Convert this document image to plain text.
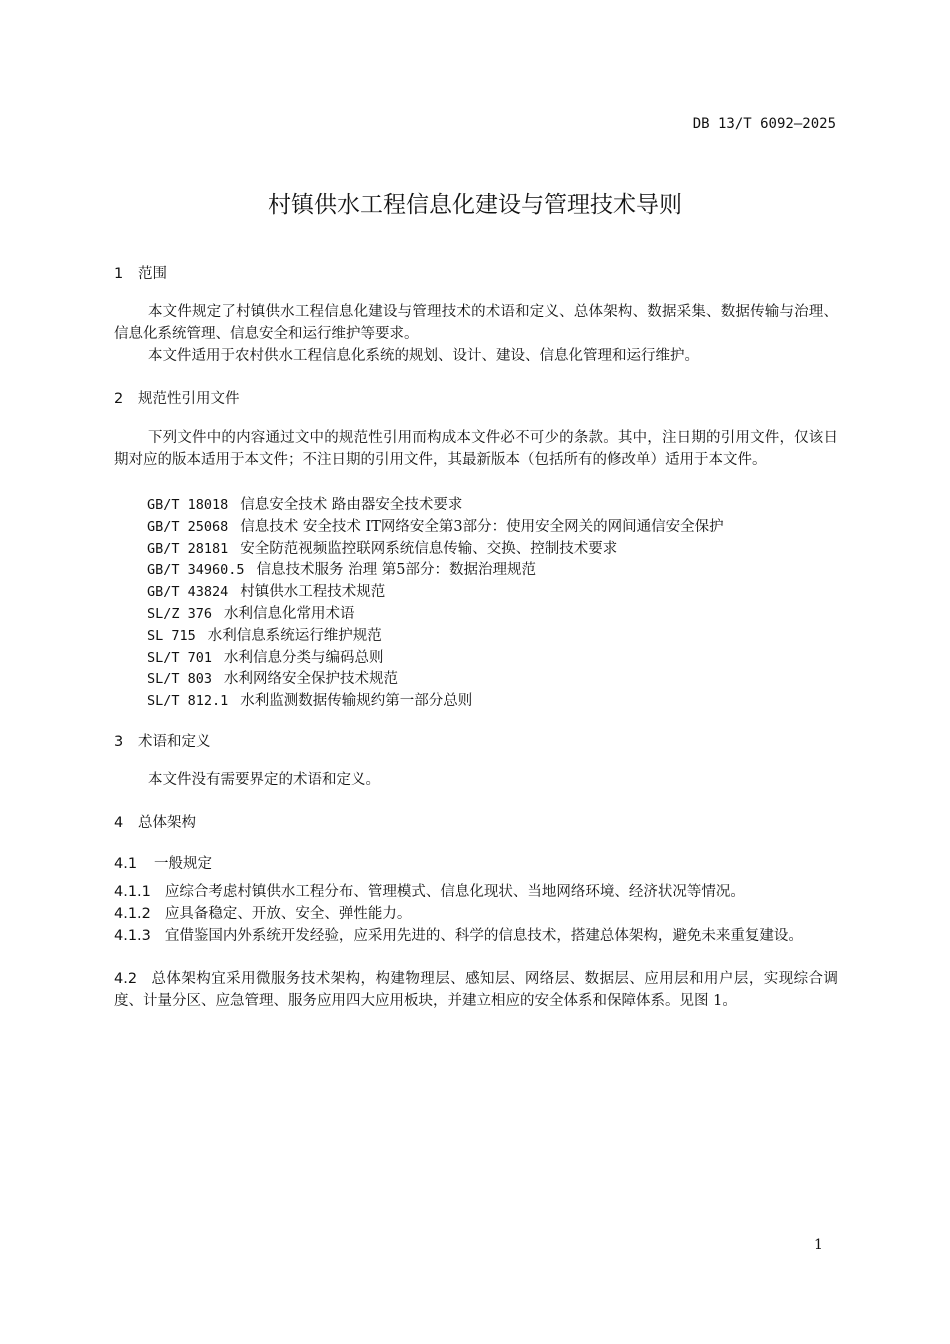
DB 13/T 6092—2025
村镇供水工程信息化建设与管理技术导则
1 范围
本文件规定了村镇供水工程信息化建设与管理技术的术语和定义、总体架构、数据采集、数据传输与治理、信息化系统管理、信息安全和运行维护等要求。
本文件适用于农村供水工程信息化系统的规划、设计、建设、信息化管理和运行维护。
2 规范性引用文件
下列文件中的内容通过文中的规范性引用而构成本文件必不可少的条款。其中，注日期的引用文件，仅该日期对应的版本适用于本文件；不注日期的引用文件，其最新版本（包括所有的修改单）适用于本文件。
GB/T 18018 信息安全技术 路由器安全技术要求
GB/T 25068 信息技术 安全技术 IT网络安全第3部分：使用安全网关的网间通信安全保护
GB/T 28181 安全防范视频监控联网系统信息传输、交换、控制技术要求
GB/T 34960.5 信息技术服务 治理 第5部分：数据治理规范
GB/T 43824 村镇供水工程技术规范
SL/Z 376 水利信息化常用术语
SL 715 水利信息系统运行维护规范
SL/T 701 水利信息分类与编码总则
SL/T 803 水利网络安全保护技术规范
SL/T 812.1 水利监测数据传输规约第一部分总则
3 术语和定义
本文件没有需要界定的术语和定义。
4 总体架构
4.1 一般规定
4.1.1 应综合考虑村镇供水工程分布、管理模式、信息化现状、当地网络环境、经济状况等情况。
4.1.2 应具备稳定、开放、安全、弹性能力。
4.1.3 宜借鉴国内外系统开发经验，应采用先进的、科学的信息技术，搭建总体架构，避免未来重复建设。
4.2 总体架构宜采用微服务技术架构，构建物理层、感知层、网络层、数据层、应用层和用户层，实现综合调度、计量分区、应急管理、服务应用四大应用板块，并建立相应的安全体系和保障体系。见图 1。
1
